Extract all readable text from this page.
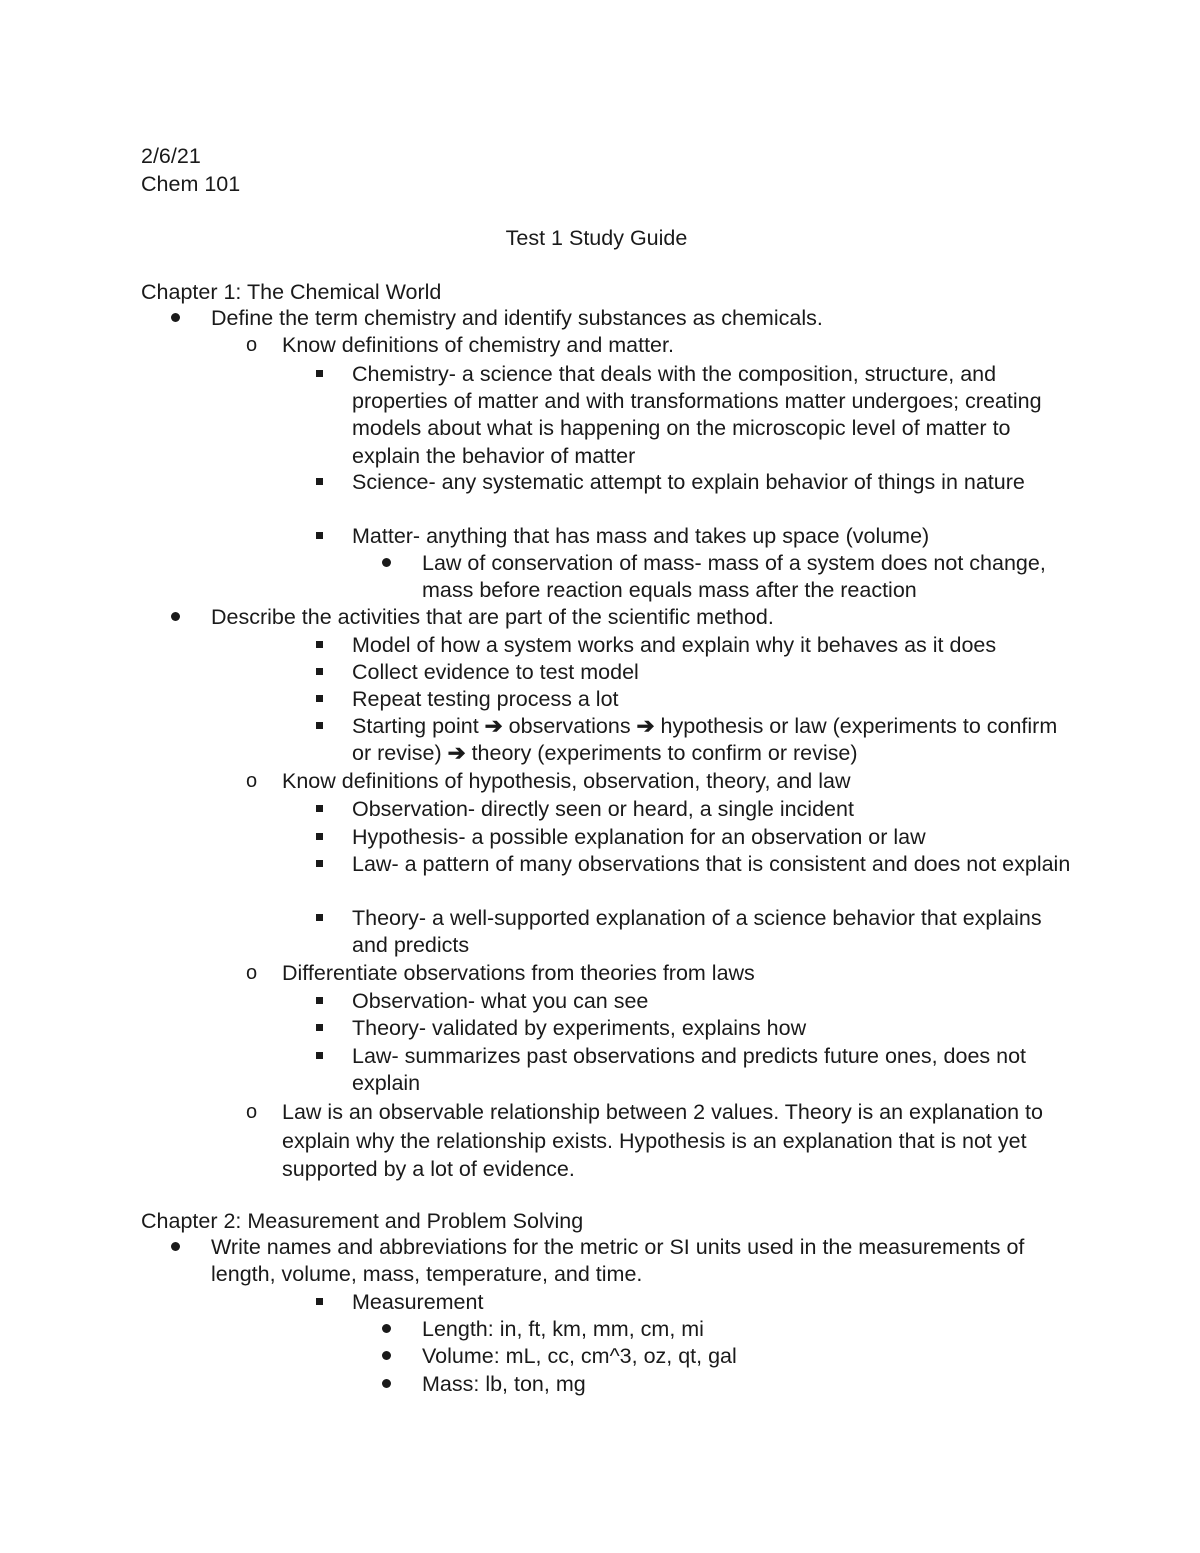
2/6/21
Chem 101
Test 1 Study Guide
Chapter 1: The Chemical World
Define the term chemistry and identify substances as chemicals.
o	Know definitions of chemistry and matter.
Chemistry- a science that deals with the composition, structure, and properties of matter and with transformations matter undergoes; creating models about what is happening on the microscopic level of matter to explain the behavior of matter
Science- any systematic attempt to explain behavior of things in nature
Matter- anything that has mass and takes up space (volume)
Law of conservation of mass- mass of a system does not change, mass before reaction equals mass after the reaction
Describe the activities that are part of the scientific method.
Model of how a system works and explain why it behaves as it does
Collect evidence to test model
Repeat testing process a lot
Starting point ➔ observations ➔ hypothesis or law (experiments to confirm or revise) ➔ theory (experiments to confirm or revise)
o	Know definitions of hypothesis, observation, theory, and law
Observation- directly seen or heard, a single incident
Hypothesis- a possible explanation for an observation or law
Law- a pattern of many observations that is consistent and does not explain
Theory- a well-supported explanation of a science behavior that explains and predicts
o	Differentiate observations from theories from laws
Observation- what you can see
Theory- validated by experiments, explains how
Law- summarizes past observations and predicts future ones, does not explain
o	Law is an observable relationship between 2 values. Theory is an explanation to explain why the relationship exists. Hypothesis is an explanation that is not yet supported by a lot of evidence.
Chapter 2: Measurement and Problem Solving
Write names and abbreviations for the metric or SI units used in the measurements of length, volume, mass, temperature, and time.
Measurement
Length: in, ft, km, mm, cm, mi
Volume: mL, cc, cm^3, oz, qt, gal
Mass: lb, ton, mg
